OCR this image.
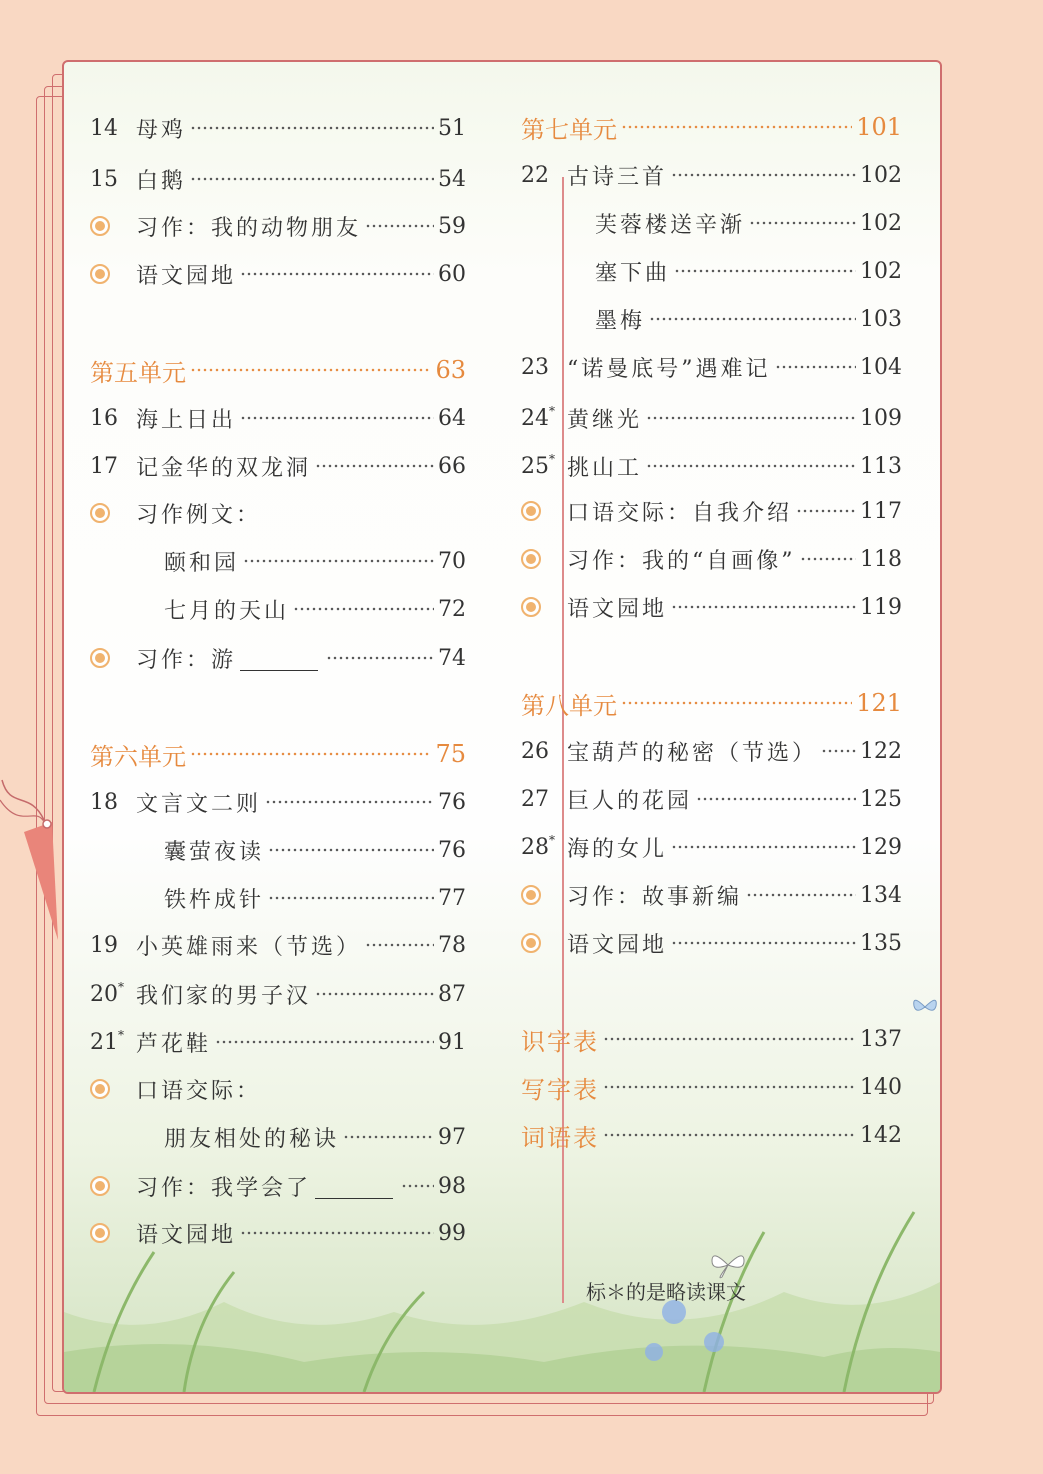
标＊的是略读课文
14 母鸡	51
15 白鹅	54
习作：我的动物朋友	59
语文园地	60
第五单元	63
16 海上日出	64
17 记金华的双龙洞	66
习作例文：
颐和园	70
七月的天山	72
习作：游	74
第六单元	75
18 文言文二则	76
囊萤夜读	76
铁杵成针	77
19 小英雄雨来（节选）	78
20* 我们家的男子汉	87
21* 芦花鞋	91
口语交际：
朋友相处的秘诀	97
习作：我学会了	98
语文园地	99
第七单元	101
22 古诗三首	102
芙蓉楼送辛渐	102
塞下曲	102
墨梅	103
23 “诺曼底号”遇难记	104
24* 黄继光	109
25* 挑山工	113
口语交际：自我介绍	117
习作：我的“自画像”	118
语文园地	119
第八单元	121
26 宝葫芦的秘密（节选） 122
27 巨人的花园	125
28* 海的女儿	129
习作：故事新编	134
语文园地	135
识字表	137
写字表	140
词语表	142
